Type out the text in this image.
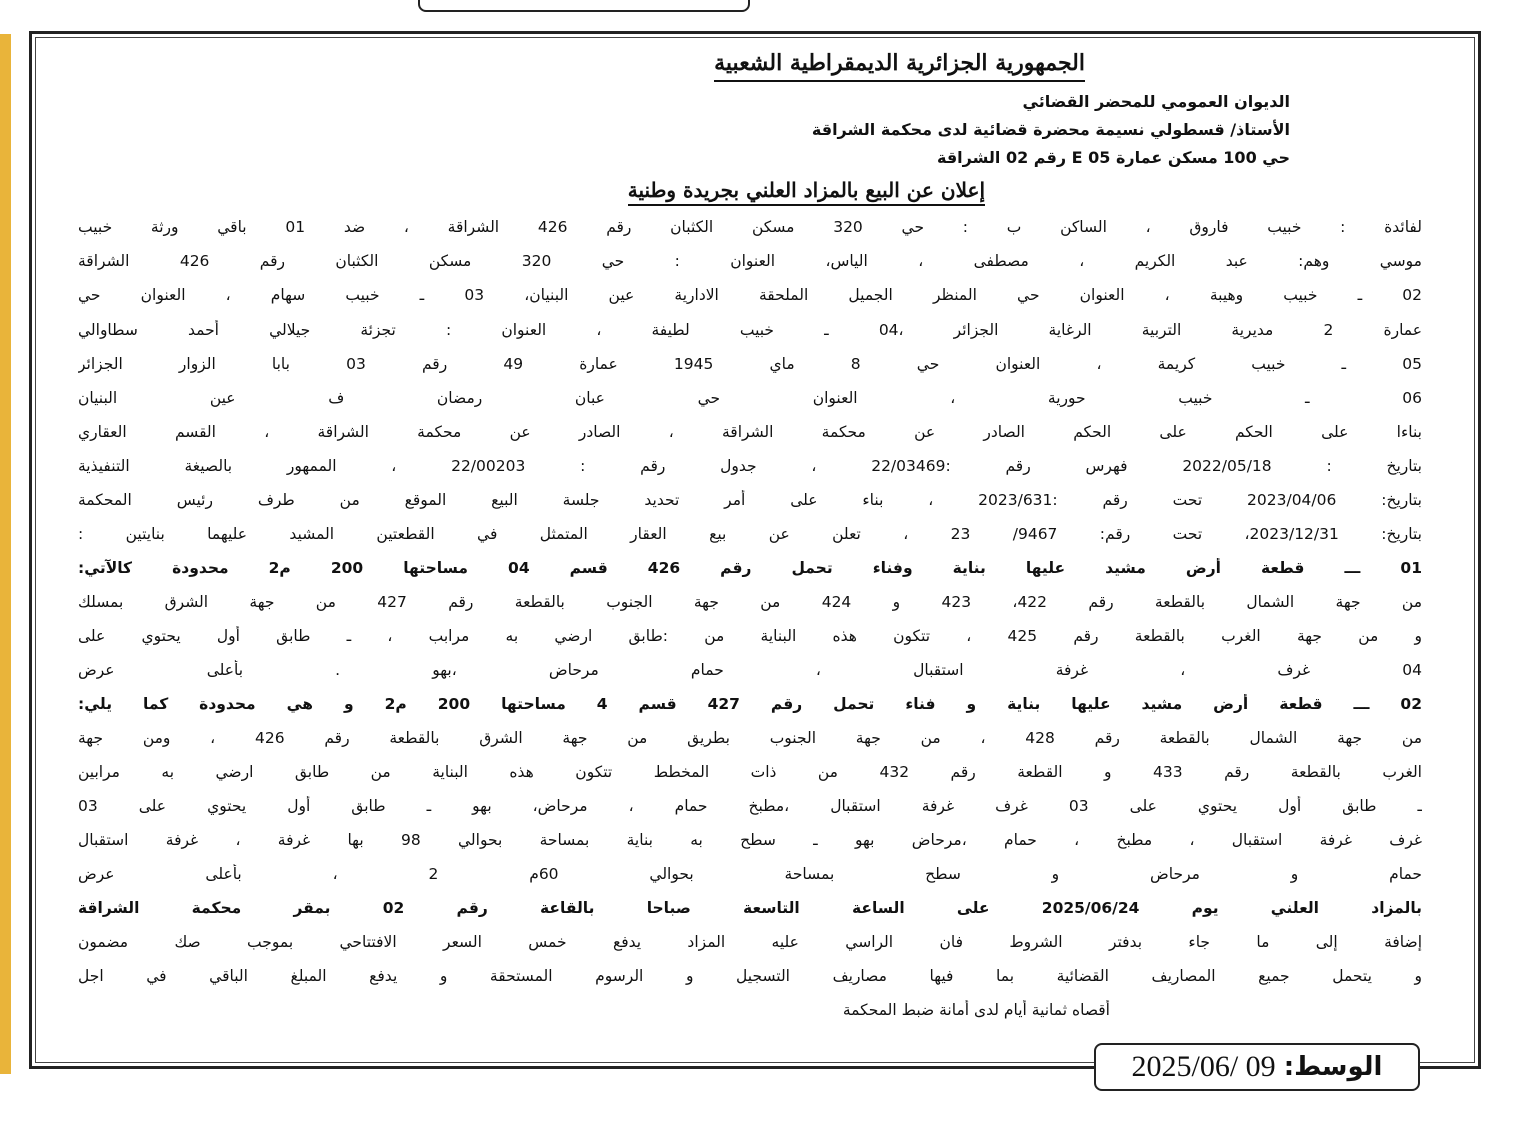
الجمهورية الجزائرية الديمقراطية الشعبية
الديوان العمومي للمحضر القضائي
الأستاذ/ قسطولي نسيمة محضرة قضائية لدى محكمة الشراقة
حي 100 مسكن عمارة E 05 رقم 02 الشراقة
إعلان عن البيع بالمزاد العلني بجريدة وطنية
لفائدة : خبيب فاروق ، الساكن ب : حي 320 مسكن الكثبان رقم 426 الشراقة ، ضد 01 باقي ورثة خبيب
موسي وهم: عبد الكريم ، مصطفى ، الياس، العنوان : حي 320 مسكن الكثبان رقم 426 الشراقة
02 ـ خبيب وهيبة ، العنوان حي المنظر الجميل الملحقة الادارية عين البنيان، 03 ـ خبيب سهام ، العنوان حي
عمارة 2 مديرية التربية الرغاية الجزائر ،04 ـ خبيب لطيفة ، العنوان : تجزئة جيلالي أحمد سطاوالي
05 ـ خبيب كريمة ، العنوان حي 8 ماي 1945 عمارة 49 رقم 03 بابا الزوار الجزائر
06 ـ خبيب حورية ، العنوان حي عبان رمضان ف عين البنيان
بناءا على الحكم على الحكم الصادر عن محكمة الشراقة ، الصادر عن محكمة الشراقة ، القسم العقاري
بتاريخ : 2022/05/18 فهرس رقم :22/03469 ، جدول رقم : 22/00203 ، الممهور بالصيغة التنفيذية
بتاريخ: 2023/04/06 تحت رقم :2023/631 ، بناء على أمر تحديد جلسة البيع الموقع من طرف رئيس المحكمة
بتاريخ: 2023/12/31، تحت رقم: 9467/ 23 ، تعلن عن بيع العقار المتمثل في القطعتين المشيد عليهما بنايتين :
01 ـــ قطعة أرض مشيد عليها بناية وفناء تحمل رقم 426 قسم 04 مساحتها 200 م2 محدودة كالآتي:
من جهة الشمال بالقطعة رقم 422، 423 و 424 من جهة الجنوب بالقطعة رقم 427 من جهة الشرق بمسلك
و من جهة الغرب بالقطعة رقم 425 ، تتكون هذه البناية من :طابق ارضي به مرابب ، ـ طابق أول يحتوي على
04 غرف ، غرفة استقبال ، حمام مرحاض ،بهو . بأعلى عرض
02 ـــ قطعة أرض مشيد عليها بناية و فناء تحمل رقم 427 قسم 4 مساحتها 200 م2 و هي محدودة كما يلي:
من جهة الشمال بالقطعة رقم 428 ، من جهة الجنوب بطريق من جهة الشرق بالقطعة رقم 426 ، ومن جهة
الغرب بالقطعة رقم 433 و القطعة رقم 432 من ذات المخطط تتكون هذه البناية من طابق ارضي به مرابين
ـ طابق أول يحتوي على 03 غرف غرفة استقبال ،مطبخ حمام ، مرحاض، بهو ـ طابق أول يحتوي على 03
غرف غرفة استقبال ، مطبخ ، حمام ،مرحاض بهو ـ سطح به بناية بمساحة بحوالي 98 بها غرفة ، غرفة استقبال
حمام و مرحاض و سطح بمساحة بحوالي 60م 2 ، بأعلى عرض
بالمزاد العلني يوم 2025/06/24 على الساعة التاسعة صباحا بالقاعة رقم 02 بمقر محكمة الشراقة
إضافة إلى ما جاء بدفتر الشروط فان الراسي عليه المزاد يدفع خمس السعر الافتتاحي بموجب صك مضمون
و يتحمل جميع المصاريف القضائية بما فيها مصاريف التسجيل و الرسوم المستحقة و يدفع المبلغ الباقي في اجل
أقصاه ثمانية أيام لدى أمانة ضبط المحكمة
الوسط:
2025/06/ 09
